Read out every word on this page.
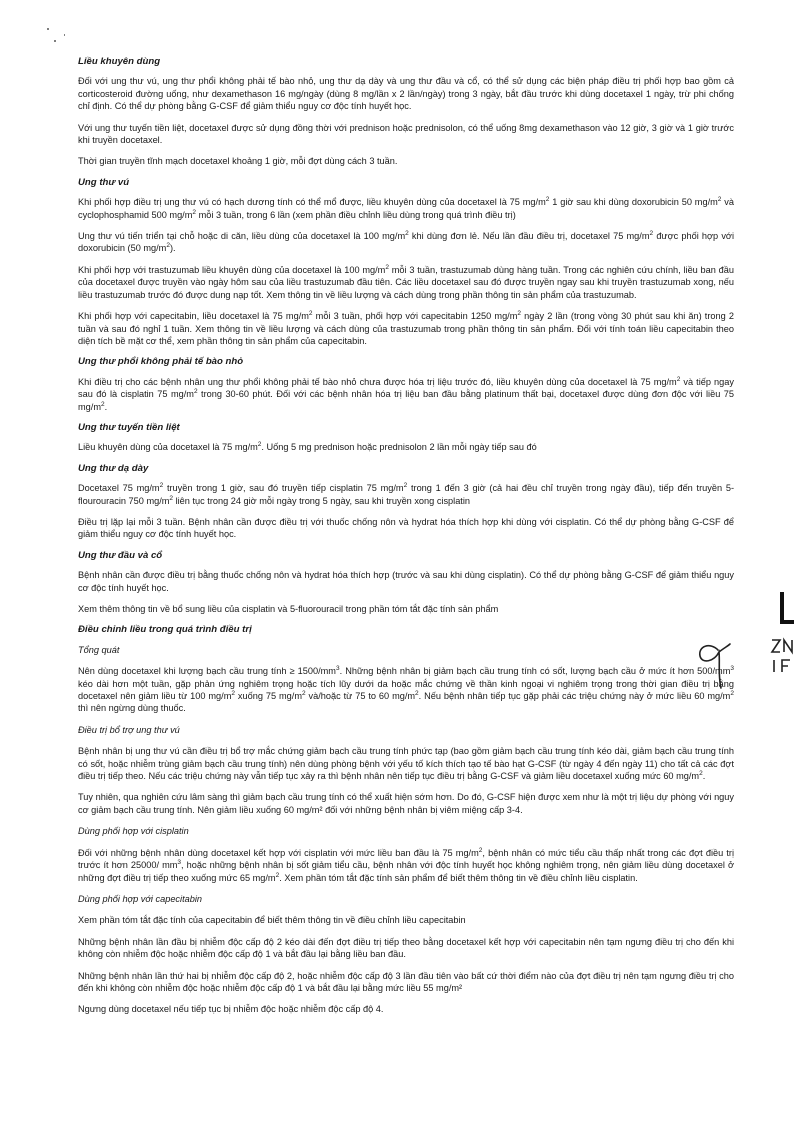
Liều khuyên dùng

Đối với ung thư vú, ung thư phổi không phải tế bào nhỏ, ung thư dạ dày và ung thư đầu và cổ, có thể sử dụng các biện pháp điều trị phối hợp bao gồm cả corticosteroid đường uống, như dexamethason 16 mg/ngày (dùng 8 mg/lần x 2 lần/ngày) trong 3 ngày, bắt đầu trước khi dùng docetaxel 1 ngày, trừ phi chống chỉ định. Có thể dự phòng bằng G-CSF để giảm thiểu nguy cơ độc tính huyết học.

Với ung thư tuyến tiền liệt, docetaxel được sử dụng đồng thời với prednison hoặc prednisolon, có thể uống 8mg dexamethason vào 12 giờ, 3 giờ và 1 giờ trước khi truyền docetaxel.

Thời gian truyền tĩnh mạch docetaxel khoảng 1 giờ, mỗi đợt dùng cách 3 tuần.

Ung thư vú

Khi phối hợp điều trị ung thư vú có hạch dương tính có thể mổ được, liều khuyên dùng của docetaxel là 75 $mg/m^2$ 1 giờ sau khi dùng doxorubicin 50 $mg/m^2$ và cyclophosphamid 500 $mg/m^2$ mỗi 3 tuần, trong 6 lần (xem phần điều chỉnh liều dùng trong quá trình điều trị)

Ung thư vú tiến triển tại chỗ hoặc di căn, liều dùng của docetaxel là 100 $mg/m^2$ khi dùng đơn lẻ. Nếu lần đầu điều trị, docetaxel 75 $mg/m^2$ được phối hợp với doxorubicin (50 $mg/m^2$).

Khi phối hợp với trastuzumab liều khuyên dùng của docetaxel là 100 $mg/m^2$ mỗi 3 tuần, trastuzumab dùng hàng tuần. Trong các nghiên cứu chính, liều ban đầu của docetaxel được truyền vào ngày hôm sau của liều trastuzumab đầu tiên. Các liều docetaxel sau đó được truyền ngay sau khi truyền trastuzumab xong, nếu liều trastuzumab trước đó được dung nạp tốt. Xem thông tin về liều lượng và cách dùng trong phần thông tin sản phẩm của trastuzumab.

Khi phối hợp với capecitabin, liều docetaxel là 75 $mg/m^2$ mỗi 3 tuần, phối hợp với capecitabin 1250 $mg/m^2$ ngày 2 lần (trong vòng 30 phút sau khi ăn) trong 2 tuần và sau đó nghỉ 1 tuần. Xem thông tin về liều lượng và cách dùng của trastuzumab trong phần thông tin sản phẩm. Đối với tính toán liều capecitabin theo diện tích bề mặt cơ thể, xem phần thông tin sản phẩm của capecitabin.

Ung thư phổi không phải tế bào nhỏ

Khi điều trị cho các bệnh nhân ung thư phổi không phải tế bào nhỏ chưa được hóa trị liệu trước đó, liều khuyên dùng của docetaxel là 75 $mg/m^2$ và tiếp ngay sau đó là cisplatin 75 $mg/m^2$ trong 30-60 phút. Đối với các bệnh nhân hóa trị liệu ban đầu bằng platinum thất bại, docetaxel được dùng đơn độc với liều 75 $mg/m^2$.

Ung thư tuyến tiền liệt

Liều khuyên dùng của docetaxel là 75 $mg/m^2$. Uống 5 mg prednison hoặc prednisolon 2 lần mỗi ngày tiếp sau đó

Ung thư dạ dày

Docetaxel 75 $mg/m^2$ truyền trong 1 giờ, sau đó truyền tiếp cisplatin 75 $mg/m^2$ trong 1 đến 3 giờ (cả hai đều chỉ truyền trong ngày đầu), tiếp đến truyền 5-flourouracin 750 $mg/m^2$ liên tục trong 24 giờ mỗi ngày trong 5 ngày, sau khi truyền xong cisplatin

Điều trị lặp lại mỗi 3 tuần. Bệnh nhân cần được điều trị với thuốc chống nôn và hydrat hóa thích hợp khi dùng với cisplatin. Có thể dự phòng bằng G-CSF để giảm thiểu nguy cơ độc tính huyết học.

Ung thư đầu và cổ

Bệnh nhân cần được điều trị bằng thuốc chống nôn và hydrat hóa thích hợp (trước và sau khi dùng cisplatin). Có thể dự phòng bằng G-CSF để giảm thiểu nguy cơ độc tính huyết học.

Xem thêm thông tin về bổ sung liều của cisplatin và 5-fluorouracil trong phần tóm tắt đặc tính sản phẩm

Điều chỉnh liều trong quá trình điều trị

Tổng quát

Nên dùng docetaxel khi lượng bạch cầu trung tính ≥ $1500/mm^3$. Những bệnh nhân bị giảm bạch cầu trung tính có sốt, lượng bạch cầu ở mức ít hơn $500/mm^3$ kéo dài hơn một tuần, gặp phản ứng nghiêm trọng hoặc tích lũy dưới da hoặc mắc chứng về thần kinh ngoại vi nghiêm trọng trong thời gian điều trị bằng docetaxel nên giảm liều từ 100 $mg/m^2$ xuống 75 $mg/m^2$ và/hoặc từ 75 to 60 $mg/m^2$. Nếu bệnh nhân tiếp tục gặp phải các triệu chứng này ở mức liều 60 $mg/m^2$ thì nên ngừng dùng thuốc.

Điều trị bổ trợ ung thư vú

Bệnh nhân bị ung thư vú cần điều trị bổ trợ mắc chứng giảm bạch cầu trung tính phức tạp (bao gồm giảm bạch cầu trung tính kéo dài, giảm bạch cầu trung tính có sốt, hoặc nhiễm trùng giảm bạch cầu trung tính) nên dùng phòng bệnh với yếu tố kích thích tạo tế bào hạt G-CSF (từ ngày 4 đến ngày 11) cho tất cả các đợt điều trị tiếp theo. Nếu các triệu chứng này vẫn tiếp tục xảy ra thì bệnh nhân nên tiếp tục điều trị bằng G-CSF và giảm liều docetaxel xuống mức 60 $mg/m^2$.

Tuy nhiên, qua nghiên cứu lâm sàng thì giảm bạch cầu trung tính có thể xuất hiện sớm hơn. Do đó, G-CSF hiện được xem như là một trị liệu dự phòng với nguy cơ giảm bạch cầu trung tính. Nên giảm liều xuống 60 mg/m² đối với những bệnh nhân bị viêm miệng cấp 3-4.

Dùng phối hợp với cisplatin

Đối với những bệnh nhân dùng docetaxel kết hợp với cisplatin với mức liều ban đầu là 75 $mg/m^2$, bệnh nhân có mức tiểu cầu thấp nhất trong các đợt điều trị trước ít hơn 25000/ $mm^3$, hoặc những bệnh nhân bị sốt giảm tiểu cầu, bệnh nhân với độc tính huyết học không nghiêm trọng, nên giảm liều dùng docetaxel ở những đợt điều trị tiếp theo xuống mức 65 $mg/m^2$. Xem phần tóm tắt đặc tính sản phẩm để biết thêm thông tin về điều chỉnh liều cisplatin.

Dùng phối hợp với capecitabin

Xem phần tóm tắt đặc tính của capecitabin để biết thêm thông tin về điều chỉnh liều capecitabin

Những bệnh nhân lần đầu bị nhiễm độc cấp độ 2 kéo dài đến đợt điều trị tiếp theo bằng docetaxel kết hợp với capecitabin nên tạm ngưng điều trị cho đến khi không còn nhiễm độc hoặc nhiễm độc cấp độ 1 và bắt đầu lại bằng liều ban đầu.

Những bệnh nhân lần thứ hai bị nhiễm độc cấp độ 2, hoặc nhiễm độc cấp độ 3 lần đầu tiên vào bất cứ thời điểm nào của đợt điều trị nên tạm ngưng điều trị cho đến khi không còn nhiễm độc hoặc nhiễm độc cấp độ 1 và bắt đầu lại bằng mức liều 55 mg/m²

Ngưng dùng docetaxel nếu tiếp tục bị nhiễm độc hoặc nhiễm độc cấp độ 4.
